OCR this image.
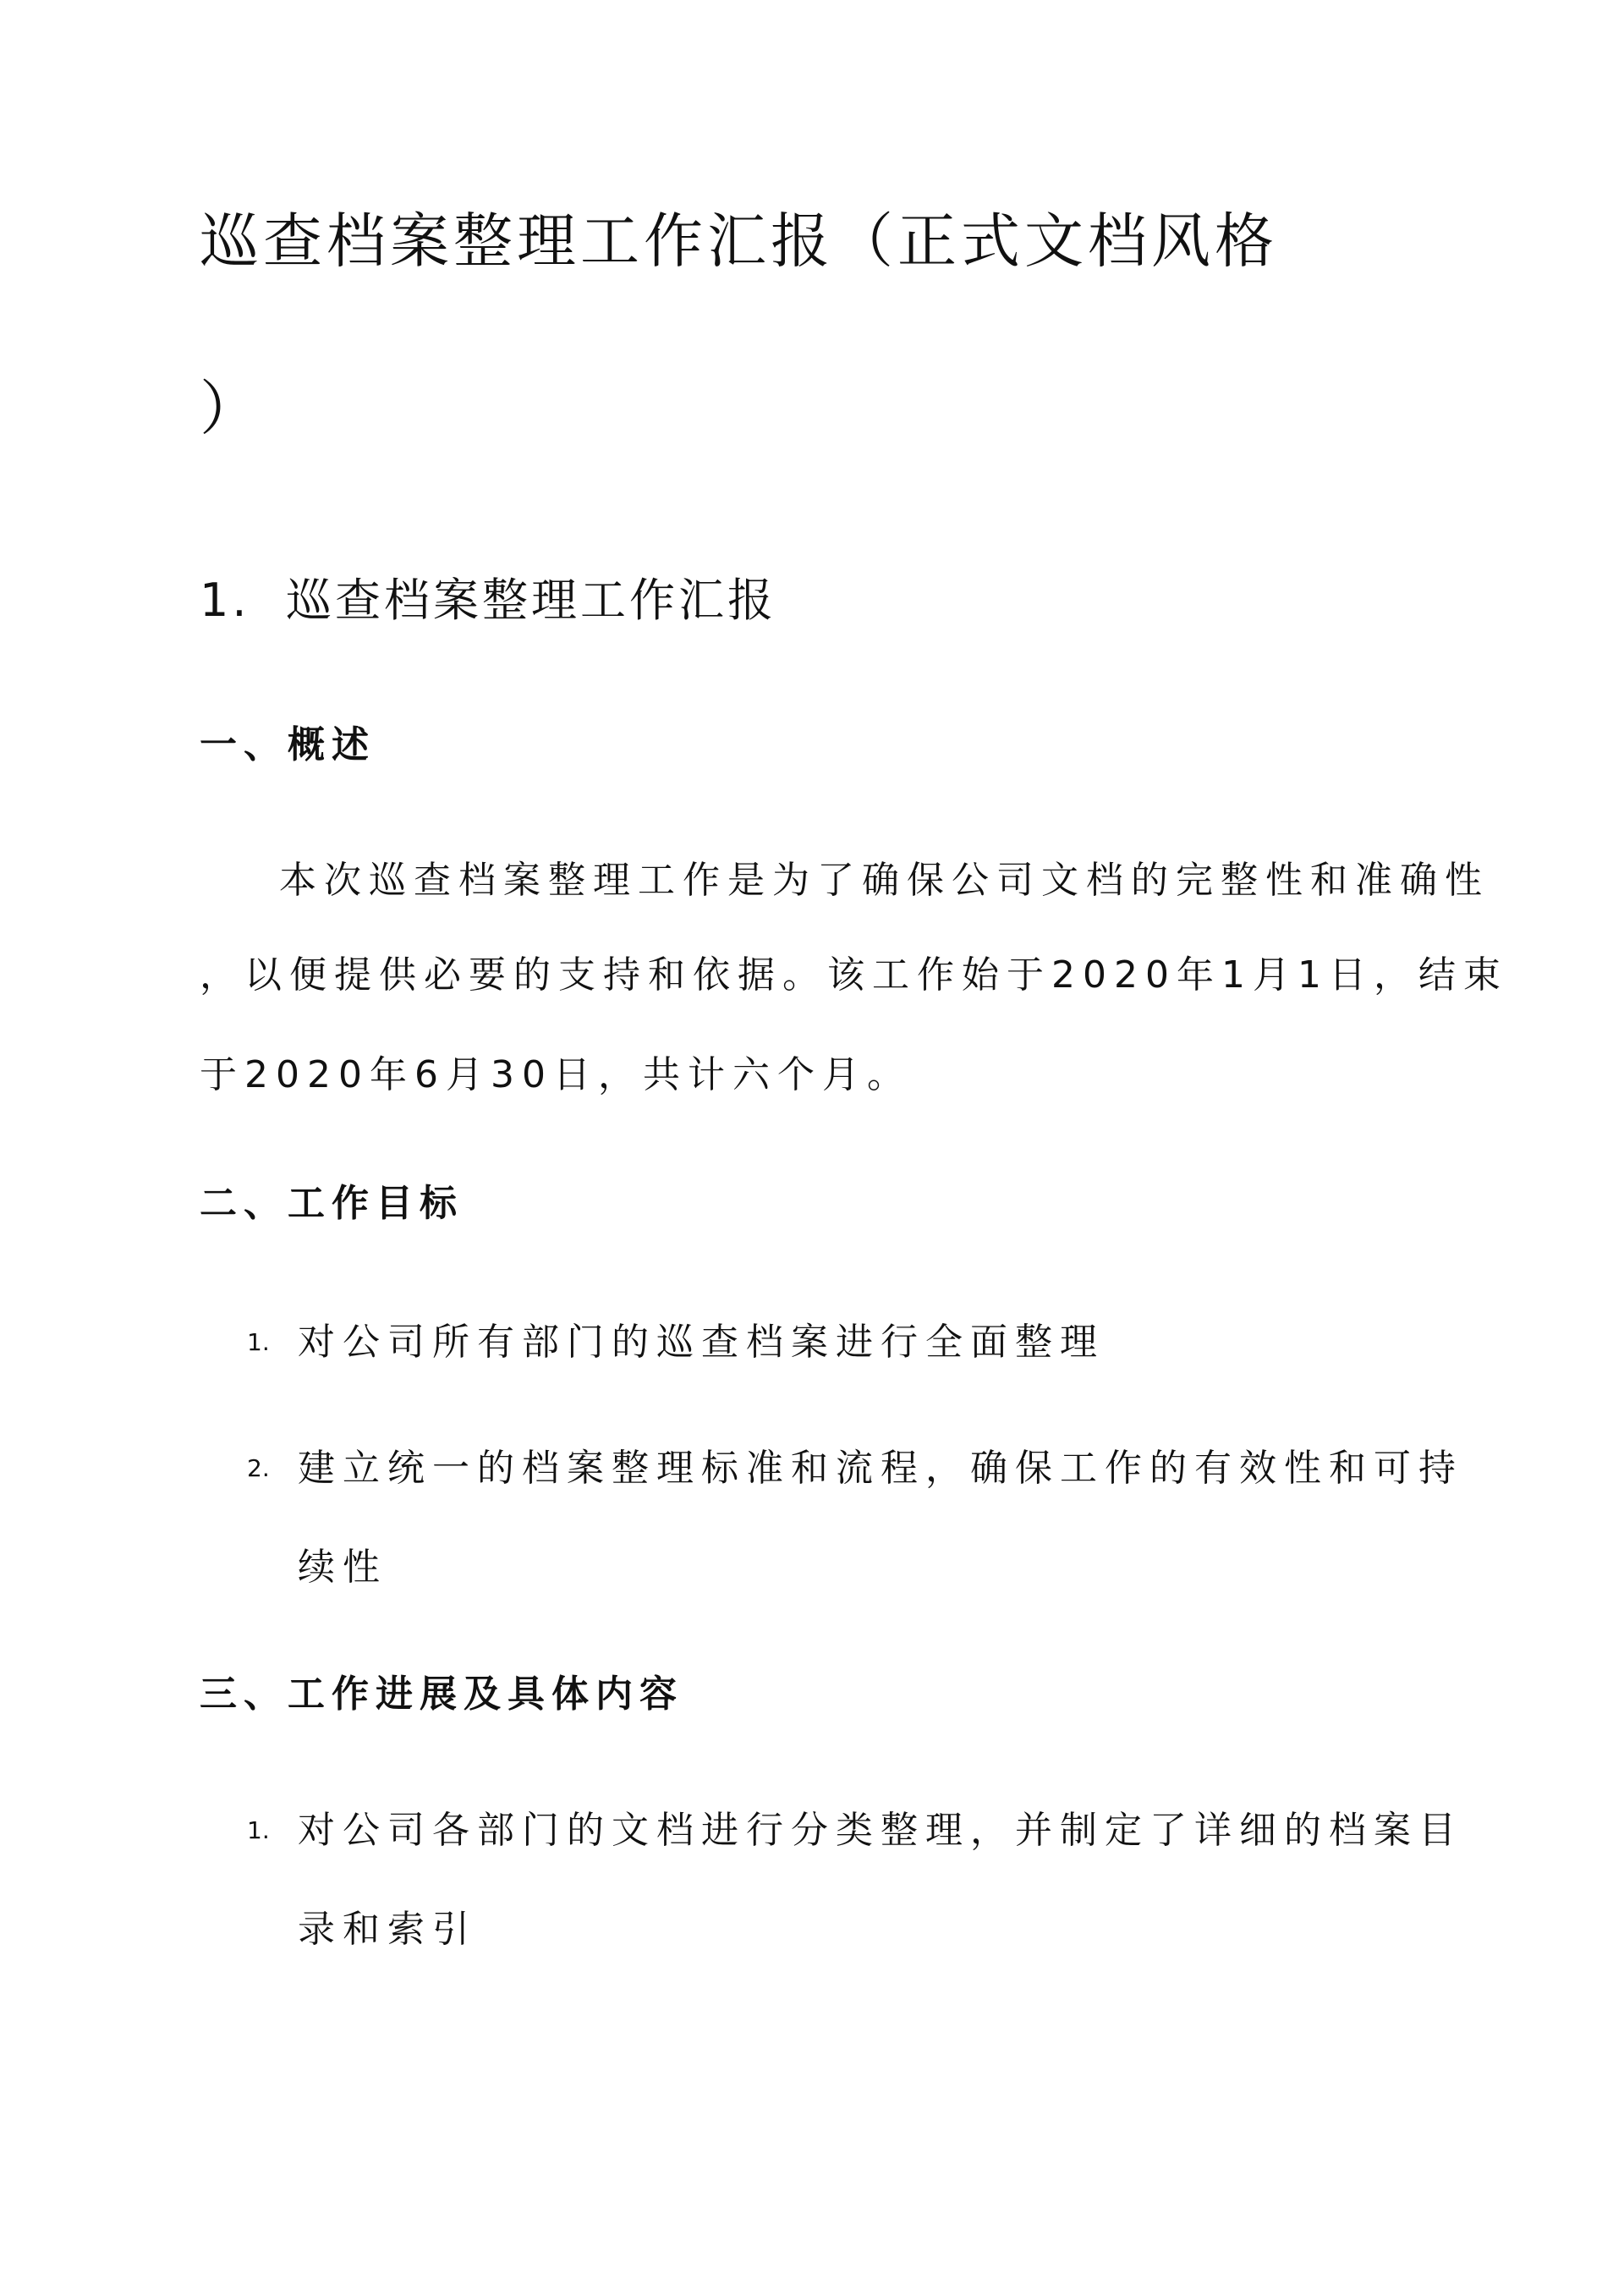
巡查档案整理工作汇报（正式文档风格
）
1. 巡查档案整理工作汇报
一、概述
本次巡查档案整理工作是为了确保公司文档的完整性和准确性
，以便提供必要的支持和依据。该工作始于2020年1月1日，结束
于2020年6月30日，共计六个月。
二、工作目标
1. 对公司所有部门的巡查档案进行全面整理
2. 建立统一的档案整理标准和流程，确保工作的有效性和可持
续性
三、工作进展及具体内容
1. 对公司各部门的文档进行分类整理，并制定了详细的档案目
录和索引
